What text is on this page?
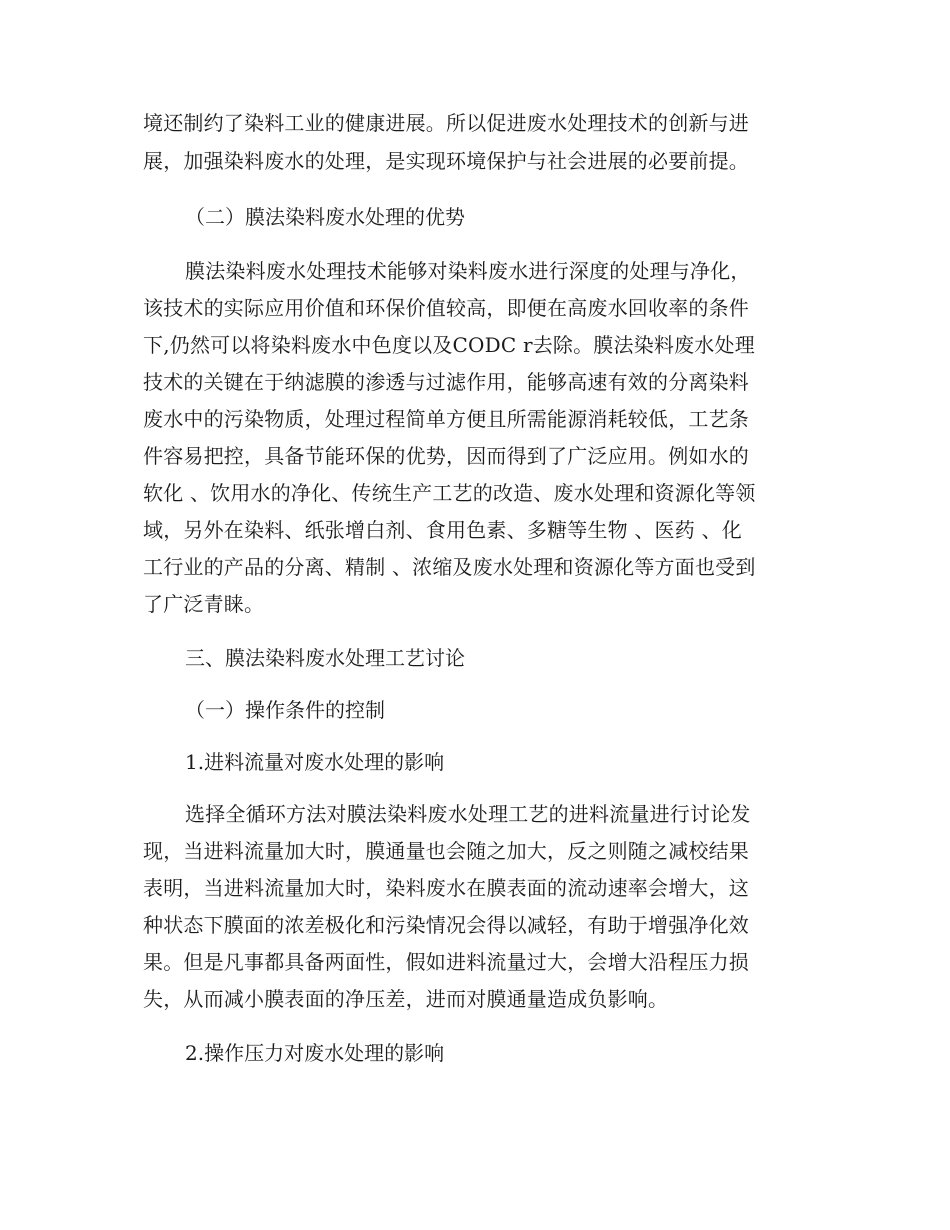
境还制约了染料工业的健康进展。所以促进废水处理技术的创新与进
展，加强染料废水的处理，是实现环境保护与社会进展的必要前提。
（二）膜法染料废水处理的优势
膜法染料废水处理技术能够对染料废水进行深度的处理与净化，
该技术的实际应用价值和环保价值较高，即便在高废水回收率的条件
下,仍然可以将染料废水中色度以及CODC r去除。膜法染料废水处理
技术的关键在于纳滤膜的渗透与过滤作用，能够高速有效的分离染料
废水中的污染物质，处理过程简单方便且所需能源消耗较低，工艺条
件容易把控，具备节能环保的优势，因而得到了广泛应用。例如水的
软化 、饮用水的净化、传统生产工艺的改造、废水处理和资源化等领
域，另外在染料、纸张增白剂、食用色素、多糖等生物 、医药 、化
工行业的产品的分离、精制 、浓缩及废水处理和资源化等方面也受到
了广泛青睐。
三、膜法染料废水处理工艺讨论
（一）操作条件的控制
1.进料流量对废水处理的影响
选择全循环方法对膜法染料废水处理工艺的进料流量进行讨论发
现，当进料流量加大时，膜通量也会随之加大，反之则随之减校结果
表明，当进料流量加大时，染料废水在膜表面的流动速率会增大，这
种状态下膜面的浓差极化和污染情况会得以减轻，有助于增强净化效
果。但是凡事都具备两面性，假如进料流量过大，会增大沿程压力损
失，从而减小膜表面的净压差，进而对膜通量造成负影响。
2.操作压力对废水处理的影响
